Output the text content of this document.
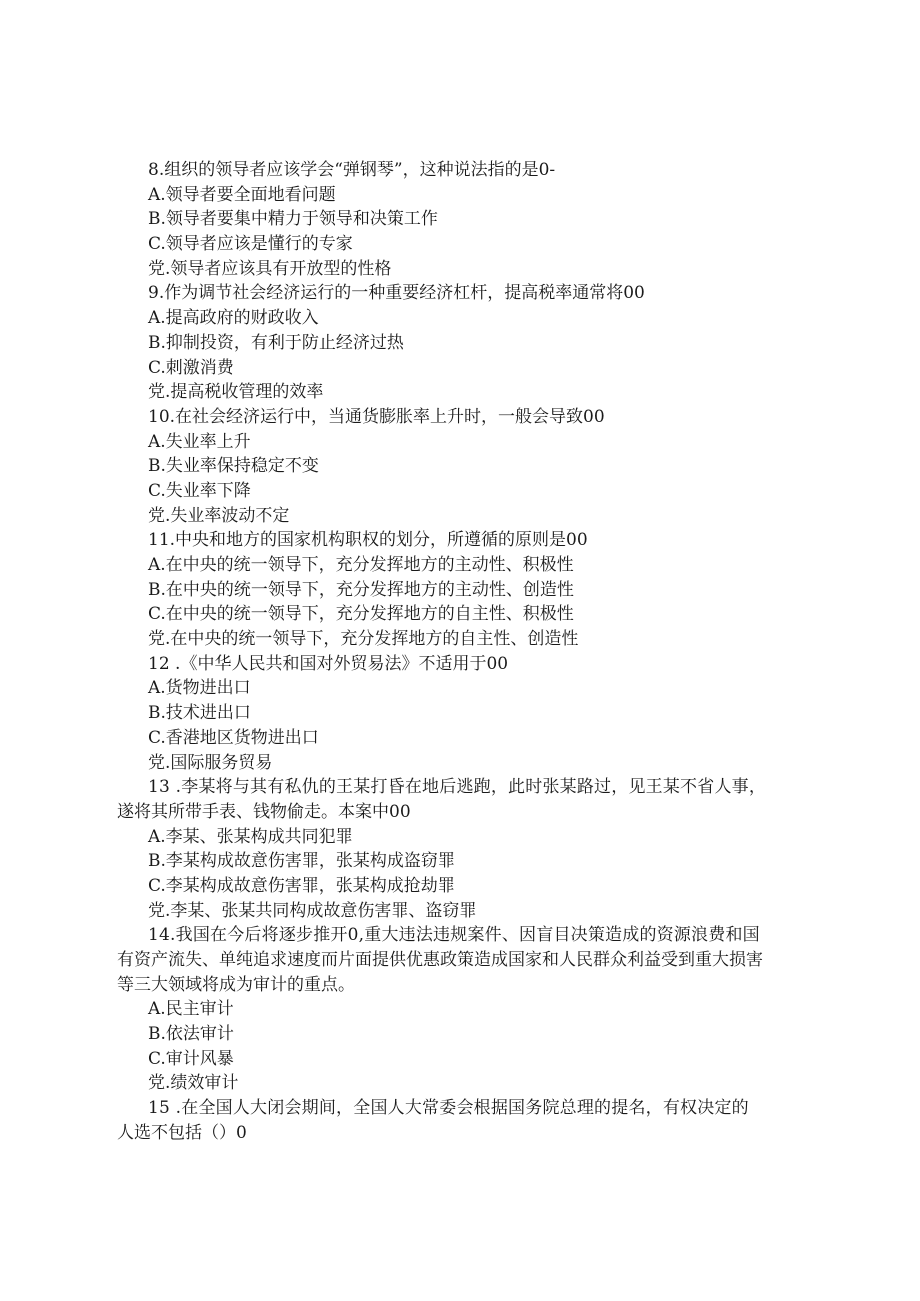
8.组织的领导者应该学会“弹钢琴”，这种说法指的是0-
A.领导者要全面地看问题
B.领导者要集中精力于领导和决策工作
C.领导者应该是懂行的专家
党.领导者应该具有开放型的性格
9.作为调节社会经济运行的一种重要经济杠杆，提高税率通常将00
A.提高政府的财政收入
B.抑制投资，有利于防止经济过热
C.刺激消费
党.提高税收管理的效率
10.在社会经济运行中，当通货膨胀率上升时，一般会导致00
A.失业率上升
B.失业率保持稳定不变
C.失业率下降
党.失业率波动不定
11.中央和地方的国家机构职权的划分，所遵循的原则是00
A.在中央的统一领导下，充分发挥地方的主动性、积极性
B.在中央的统一领导下，充分发挥地方的主动性、创造性
C.在中央的统一领导下，充分发挥地方的自主性、积极性
党.在中央的统一领导下，充分发挥地方的自主性、创造性
12 .《中华人民共和国对外贸易法》不适用于00
A.货物进出口
B.技术进出口
C.香港地区货物进出口
党.国际服务贸易
13 .李某将与其有私仇的王某打昏在地后逃跑，此时张某路过，见王某不省人事，
遂将其所带手表、钱物偷走。本案中00
A.李某、张某构成共同犯罪
B.李某构成故意伤害罪，张某构成盗窃罪
C.李某构成故意伤害罪，张某构成抢劫罪
党.李某、张某共同构成故意伤害罪、盗窃罪
14.我国在今后将逐步推开0,重大违法违规案件、因盲目决策造成的资源浪费和国
有资产流失、单纯追求速度而片面提供优惠政策造成国家和人民群众利益受到重大损害
等三大领域将成为审计的重点。
A.民主审计
B.依法审计
C.审计风暴
党.绩效审计
15 .在全国人大闭会期间，全国人大常委会根据国务院总理的提名，有权决定的
人选不包括（）0
